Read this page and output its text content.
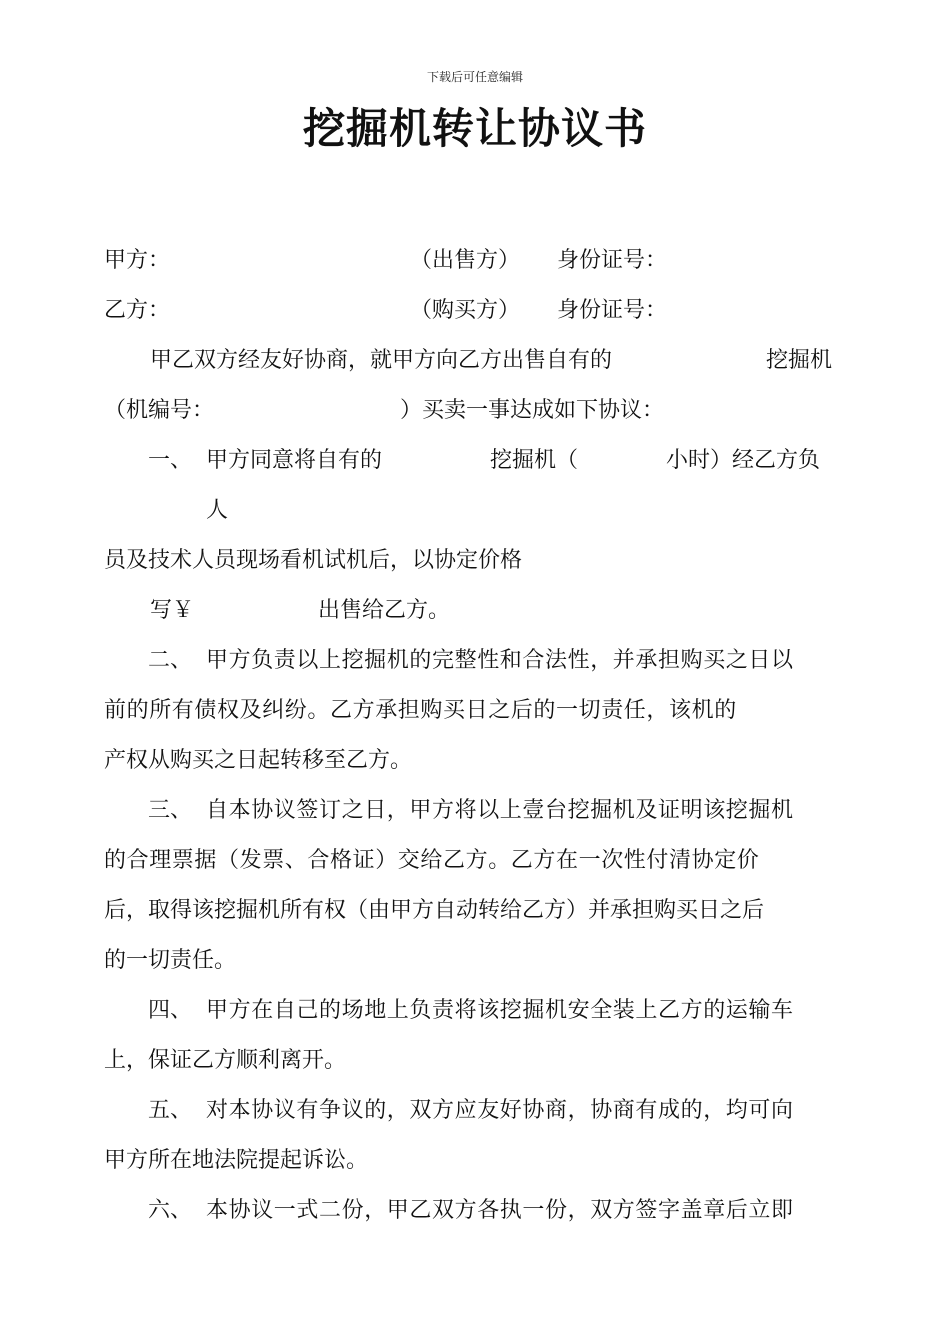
下载后可任意编辑
挖掘机转让协议书
甲方：	（出售方） 身份证号：
乙方：	（购买方） 身份证号：
甲乙双方经友好协商，就甲方向乙方出售自有的	挖掘机
（机编号：	）买卖一事达成如下协议：
一、 甲方同意将自有的	挖掘机（	小时）经乙方负
人
员及技术人员现场看机试机后，以协定价格
写￥	出售给乙方。
二、 甲方负责以上挖掘机的完整性和合法性，并承担购买之日以
前的所有债权及纠纷。乙方承担购买日之后的一切责任，该机的
产权从购买之日起转移至乙方。
三、 自本协议签订之日，甲方将以上壹台挖掘机及证明该挖掘机
的合理票据（发票、合格证）交给乙方。乙方在一次性付清协定价
后，取得该挖掘机所有权（由甲方自动转给乙方）并承担购买日之后
的一切责任。
四、 甲方在自己的场地上负责将该挖掘机安全装上乙方的运输车
上，保证乙方顺利离开。
五、 对本协议有争议的，双方应友好协商，协商有成的，均可向
甲方所在地法院提起诉讼。
六、 本协议一式二份，甲乙双方各执一份，双方签字盖章后立即
